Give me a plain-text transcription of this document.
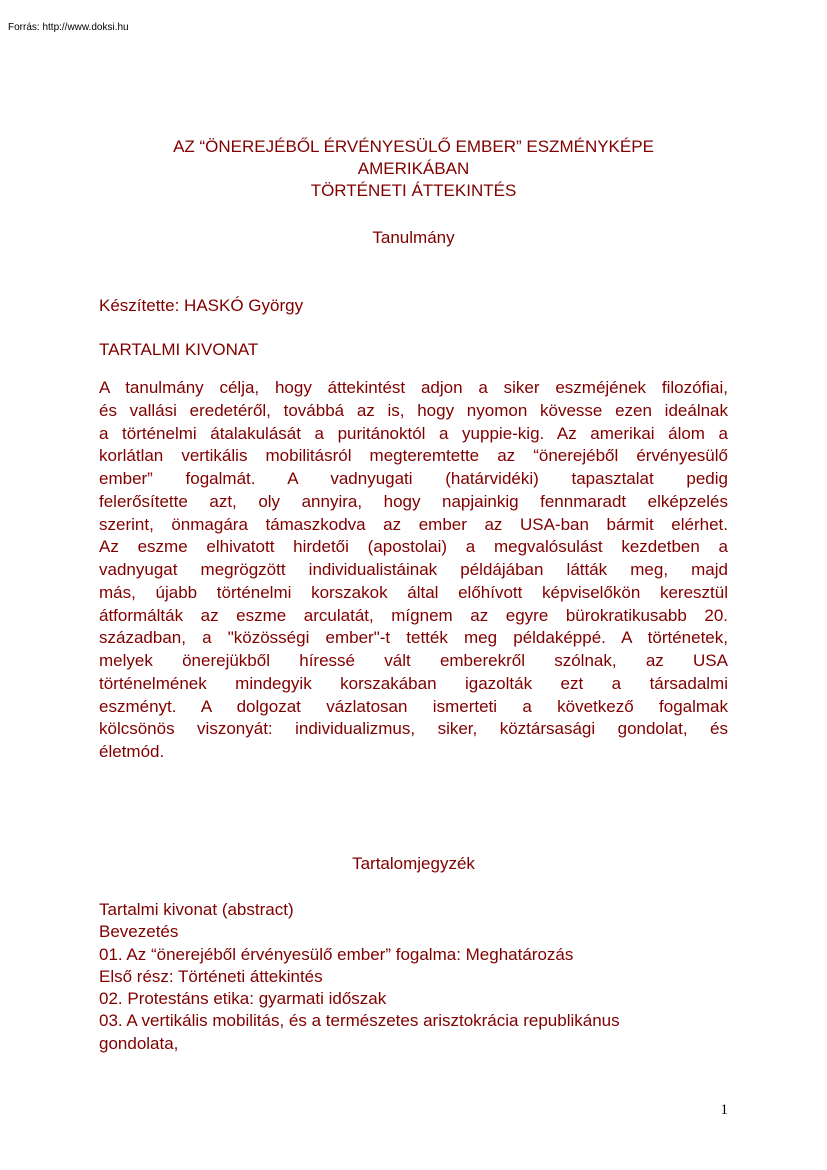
Forrás: http://www.doksi.hu
AZ “ÖNEREJÉBŐL ÉRVÉNYESÜLŐ EMBER” ESZMÉNYKÉPE
AMERIKÁBAN
TÖRTÉNETI ÁTTEKINTÉS
Tanulmány
Készítette: HASKÓ György
TARTALMI KIVONAT
A tanulmány célja, hogy áttekintést adjon a siker eszméjének filozófiai,
és vallási eredetéről, továbbá az is, hogy nyomon kövesse ezen ideálnak
a történelmi átalakulását a puritánoktól a yuppie-kig. Az amerikai álom a
korlátlan vertikális mobilitásról megteremtette az “önerejéből érvényesülő
ember” fogalmát. A vadnyugati (határvidéki) tapasztalat pedig
felerősítette azt, oly annyira, hogy napjainkig fennmaradt elképzelés
szerint, önmagára támaszkodva az ember az USA-ban bármit elérhet.
Az eszme elhivatott hirdetői (apostolai) a megvalósulást kezdetben a
vadnyugat megrögzött individualistáinak példájában látták meg, majd
más, újabb történelmi korszakok által előhívott képviselőkön keresztül
átformálták az eszme arculatát, mígnem az egyre bürokratikusabb 20.
században, a "közösségi ember"-t tették meg példaképpé. A történetek,
melyek önerejükből híressé vált emberekről szólnak, az USA
történelmének mindegyik korszakában igazolták ezt a társadalmi
eszményt. A dolgozat vázlatosan ismerteti a következő fogalmak
kölcsönös viszonyát: individualizmus, siker, köztársasági gondolat, és
életmód.
Tartalomjegyzék
Tartalmi kivonat (abstract)
Bevezetés
01. Az “önerejéből érvényesülő ember” fogalma: Meghatározás
Első rész: Történeti áttekintés
02. Protestáns etika: gyarmati időszak
03. A vertikális mobilitás, és a természetes arisztokrácia republikánus
gondolata,
1
